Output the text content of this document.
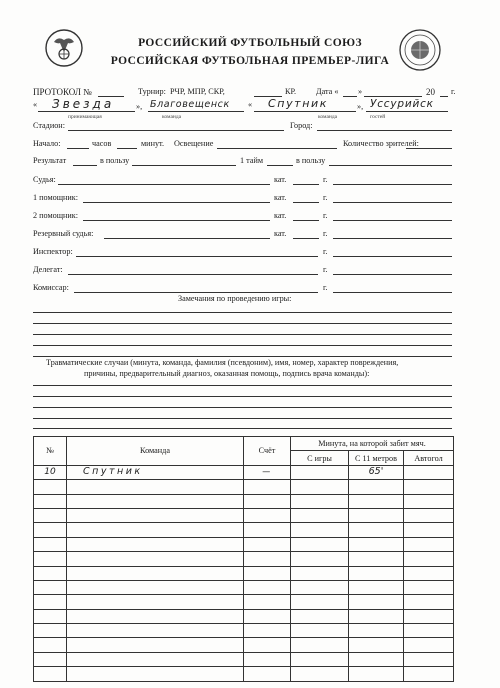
РОССИЙСКИЙ ФУТБОЛЬНЫЙ СОЮЗ
РОССИЙСКАЯ ФУТБОЛЬНАЯ ПРЕМЬЕР-ЛИГА
ПРОТОКОЛ №	Турнир: РЧР, МПР, СКР,	КР. Дата « »	20 г.
« Звезда	», Благовещенск « Спутник	», Уссурийск
принимающая	команда	команда	гостей
Стадион:	Город:
Начало:	часов	минут. Освещение	Количество зрителей:
Результат	в пользу	1 тайм	в пользу
Судья:	кат.	г.
1 помощник:	кат.	г.
2 помощник:	кат.	г.
Резервный судья:	кат.	г.
Инспектор:	г.
Делегат:	г.
Комиссар:	г.
Замечания по проведению игры:
Травматические случаи (минута, команда, фамилия (псевдоним), имя, номер, характер повреждения,
причины, предварительный диагноз, оказанная помощь, подпись врача команды):
№	Команда	Счёт	Минута, на которой забит мяч.		
			С игры	С 11 метров	Автогол
10	Спутник	—		65'	
